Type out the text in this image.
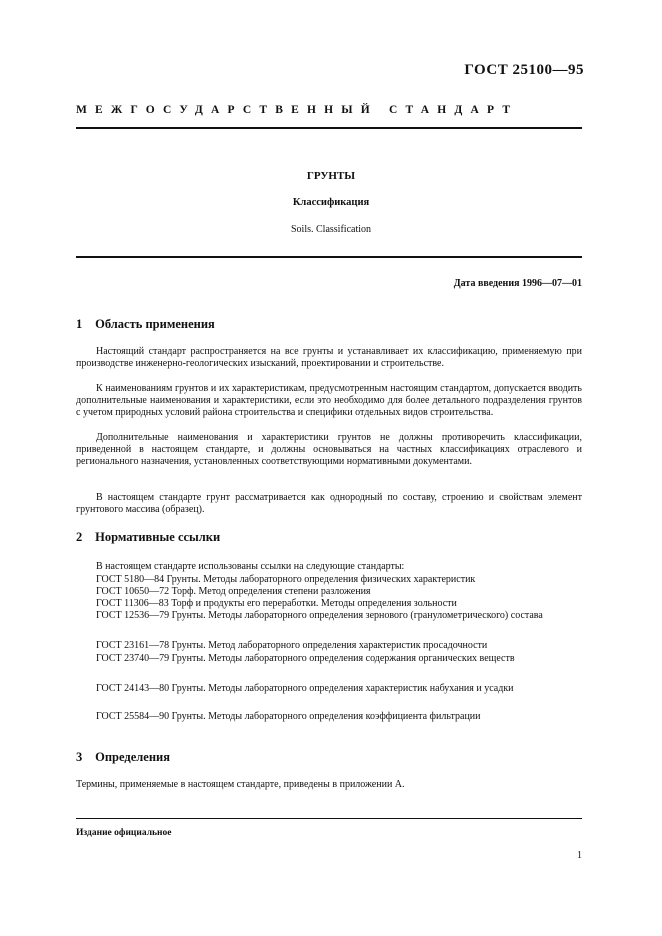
ГОСТ 25100—95
МЕЖГОСУДАРСТВЕННЫЙ СТАНДАРТ
ГРУНТЫ
Классификация
Soils. Classification
Дата введения 1996—07—01
1 Область применения
Настоящий стандарт распространяется на все грунты и устанавливает их классификацию, применяемую при производстве инженерно-геологических изысканий, проектировании и строительстве.
К наименованиям грунтов и их характеристикам, предусмотренным настоящим стандартом, допускается вводить дополнительные наименования и характеристики, если это необходимо для более детального подразделения грунтов с учетом природных условий района строительства и специфики отдельных видов строительства.
Дополнительные наименования и характеристики грунтов не должны противоречить классификации, приведенной в настоящем стандарте, и должны основываться на частных классификациях отраслевого и регионального назначения, установленных соответствующими нормативными документами.
В настоящем стандарте грунт рассматривается как однородный по составу, строению и свойствам элемент грунтового массива (образец).
2 Нормативные ссылки
В настоящем стандарте использованы ссылки на следующие стандарты:
ГОСТ 5180—84 Грунты. Методы лабораторного определения физических характеристик
ГОСТ 10650—72 Торф. Метод определения степени разложения
ГОСТ 11306—83 Торф и продукты его переработки. Методы определения зольности
ГОСТ 12536—79 Грунты. Методы лабораторного определения зернового (гранулометрического) состава
ГОСТ 23161—78 Грунты. Метод лабораторного определения характеристик просадочности
ГОСТ 23740—79 Грунты. Методы лабораторного определения содержания органических веществ
ГОСТ 24143—80 Грунты. Методы лабораторного определения характеристик набухания и усадки
ГОСТ 25584—90 Грунты. Методы лабораторного определения коэффициента фильтрации
3 Определения
Термины, применяемые в настоящем стандарте, приведены в приложении А.
Издание официальное
1
